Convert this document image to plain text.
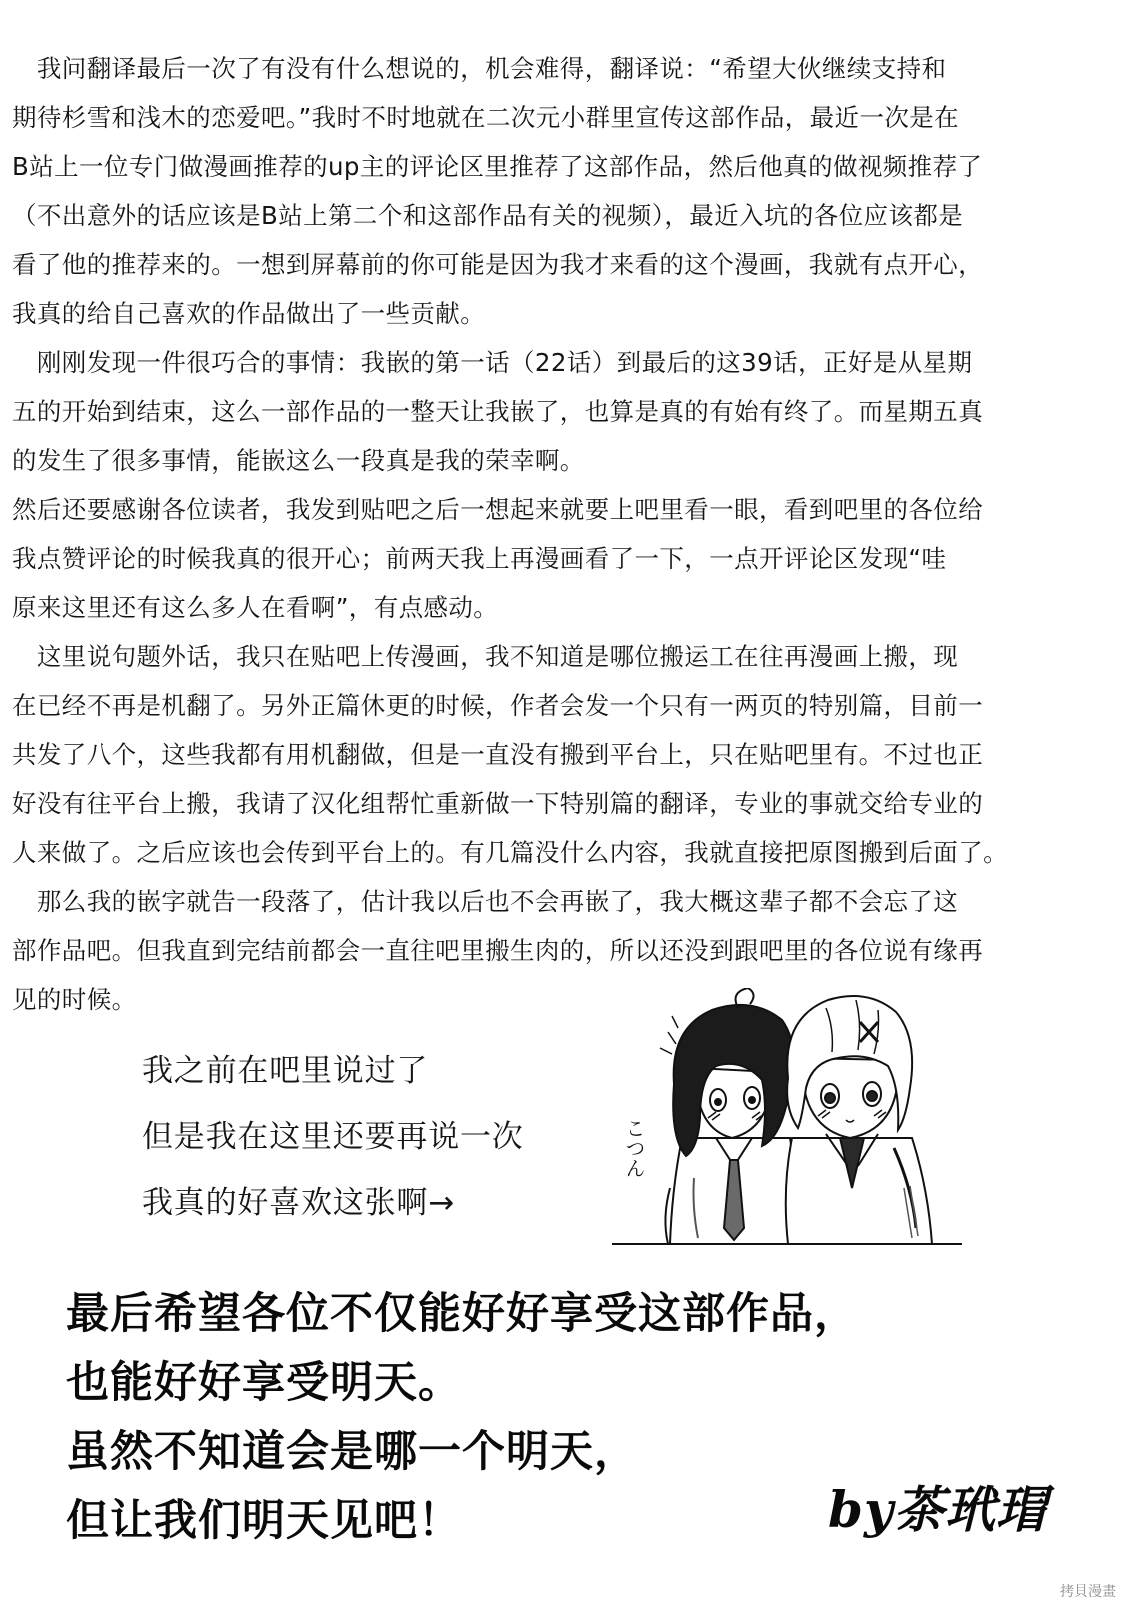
　我问翻译最后一次了有没有什么想说的，机会难得，翻译说：“希望大伙继续支持和
期待杉雪和浅木的恋爱吧。”我时不时地就在二次元小群里宣传这部作品，最近一次是在
B站上一位专门做漫画推荐的up主的评论区里推荐了这部作品，然后他真的做视频推荐了
（不出意外的话应该是B站上第二个和这部作品有关的视频），最近入坑的各位应该都是
看了他的推荐来的。一想到屏幕前的你可能是因为我才来看的这个漫画，我就有点开心，
我真的给自己喜欢的作品做出了一些贡献。
　刚刚发现一件很巧合的事情：我嵌的第一话（22话）到最后的这39话，正好是从星期
五的开始到结束，这么一部作品的一整天让我嵌了，也算是真的有始有终了。而星期五真
的发生了很多事情，能嵌这么一段真是我的荣幸啊。
然后还要感谢各位读者，我发到贴吧之后一想起来就要上吧里看一眼，看到吧里的各位给
我点赞评论的时候我真的很开心；前两天我上再漫画看了一下，一点开评论区发现“哇
原来这里还有这么多人在看啊”，有点感动。
　这里说句题外话，我只在贴吧上传漫画，我不知道是哪位搬运工在往再漫画上搬，现
在已经不再是机翻了。另外正篇休更的时候，作者会发一个只有一两页的特别篇，目前一
共发了八个，这些我都有用机翻做，但是一直没有搬到平台上，只在贴吧里有。不过也正
好没有往平台上搬，我请了汉化组帮忙重新做一下特别篇的翻译，专业的事就交给专业的
人来做了。之后应该也会传到平台上的。有几篇没什么内容，我就直接把原图搬到后面了。
　那么我的嵌字就告一段落了，估计我以后也不会再嵌了，我大概这辈子都不会忘了这
部作品吧。但我直到完结前都会一直往吧里搬生肉的，所以还没到跟吧里的各位说有缘再
见的时候。
我之前在吧里说过了
但是我在这里还要再说一次
我真的好喜欢这张啊→
こつん
最后希望各位不仅能好好享受这部作品，
也能好好享受明天。
虽然不知道会是哪一个明天，
但让我们明天见吧！	by茶玳瑁
拷貝漫畫
